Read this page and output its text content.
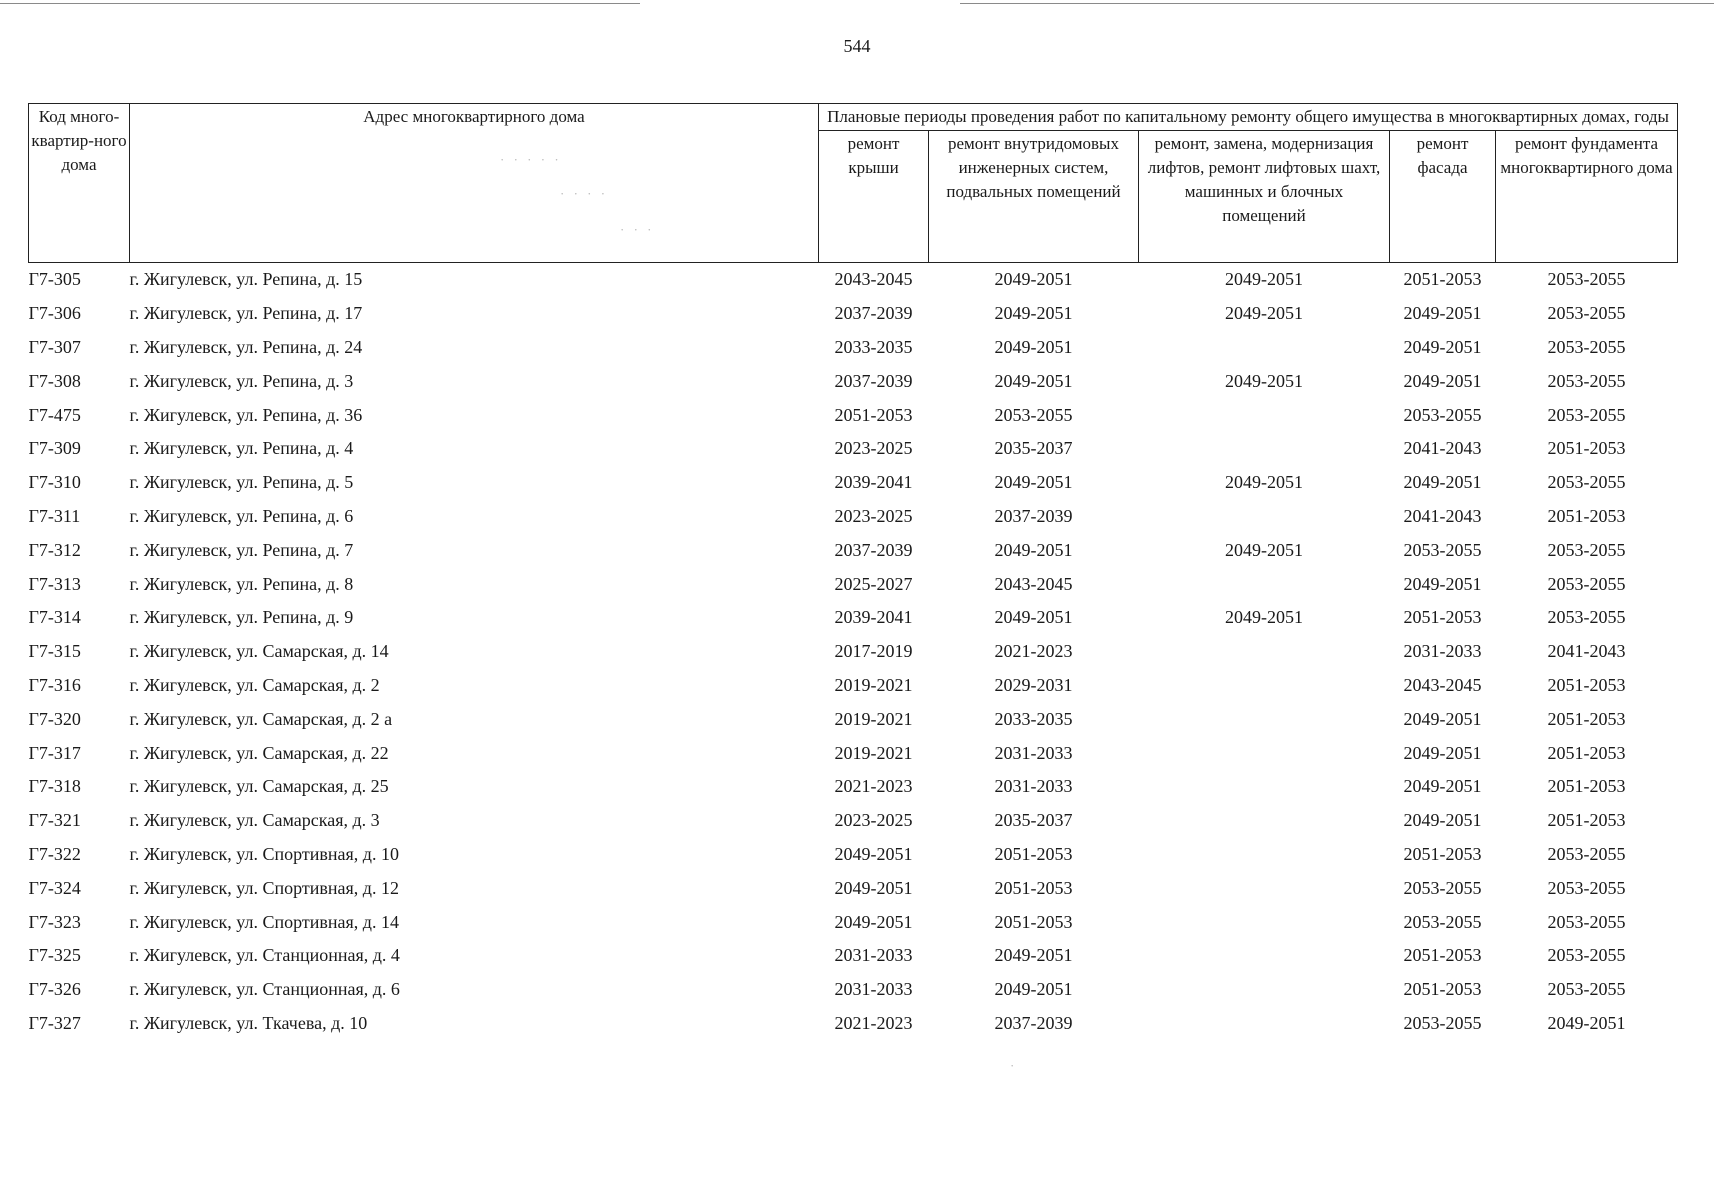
544
· · · · ·
· · · ·
· · ·
·
Код много-квартир-ного дома	Адрес многоквартирного дома	Плановые периоды проведения работ по капитальному ремонту общего имущества в многоквартирных домах, годы				
		ремонт крыши	ремонт внутридомовых инженерных систем, подвальных помещений	ремонт, замена, модернизация лифтов, ремонт лифтовых шахт, машинных и блочных помещений	ремонт фасада	ремонт фундамента многоквартирного дома
Г7-305	г. Жигулевск, ул. Репина, д. 15	2043-2045	2049-2051	2049-2051	2051-2053	2053-2055
Г7-306	г. Жигулевск, ул. Репина, д. 17	2037-2039	2049-2051	2049-2051	2049-2051	2053-2055
Г7-307	г. Жигулевск, ул. Репина, д. 24	2033-2035	2049-2051		2049-2051	2053-2055
Г7-308	г. Жигулевск, ул. Репина, д. 3	2037-2039	2049-2051	2049-2051	2049-2051	2053-2055
Г7-475	г. Жигулевск, ул. Репина, д. 36	2051-2053	2053-2055		2053-2055	2053-2055
Г7-309	г. Жигулевск, ул. Репина, д. 4	2023-2025	2035-2037		2041-2043	2051-2053
Г7-310	г. Жигулевск, ул. Репина, д. 5	2039-2041	2049-2051	2049-2051	2049-2051	2053-2055
Г7-311	г. Жигулевск, ул. Репина, д. 6	2023-2025	2037-2039		2041-2043	2051-2053
Г7-312	г. Жигулевск, ул. Репина, д. 7	2037-2039	2049-2051	2049-2051	2053-2055	2053-2055
Г7-313	г. Жигулевск, ул. Репина, д. 8	2025-2027	2043-2045		2049-2051	2053-2055
Г7-314	г. Жигулевск, ул. Репина, д. 9	2039-2041	2049-2051	2049-2051	2051-2053	2053-2055
Г7-315	г. Жигулевск, ул. Самарская, д. 14	2017-2019	2021-2023		2031-2033	2041-2043
Г7-316	г. Жигулевск, ул. Самарская, д. 2	2019-2021	2029-2031		2043-2045	2051-2053
Г7-320	г. Жигулевск, ул. Самарская, д. 2 а	2019-2021	2033-2035		2049-2051	2051-2053
Г7-317	г. Жигулевск, ул. Самарская, д. 22	2019-2021	2031-2033		2049-2051	2051-2053
Г7-318	г. Жигулевск, ул. Самарская, д. 25	2021-2023	2031-2033		2049-2051	2051-2053
Г7-321	г. Жигулевск, ул. Самарская, д. 3	2023-2025	2035-2037		2049-2051	2051-2053
Г7-322	г. Жигулевск, ул. Спортивная, д. 10	2049-2051	2051-2053		2051-2053	2053-2055
Г7-324	г. Жигулевск, ул. Спортивная, д. 12	2049-2051	2051-2053		2053-2055	2053-2055
Г7-323	г. Жигулевск, ул. Спортивная, д. 14	2049-2051	2051-2053		2053-2055	2053-2055
Г7-325	г. Жигулевск, ул. Станционная, д. 4	2031-2033	2049-2051		2051-2053	2053-2055
Г7-326	г. Жигулевск, ул. Станционная, д. 6	2031-2033	2049-2051		2051-2053	2053-2055
Г7-327	г. Жигулевск, ул. Ткачева, д. 10	2021-2023	2037-2039		2053-2055	2049-2051
